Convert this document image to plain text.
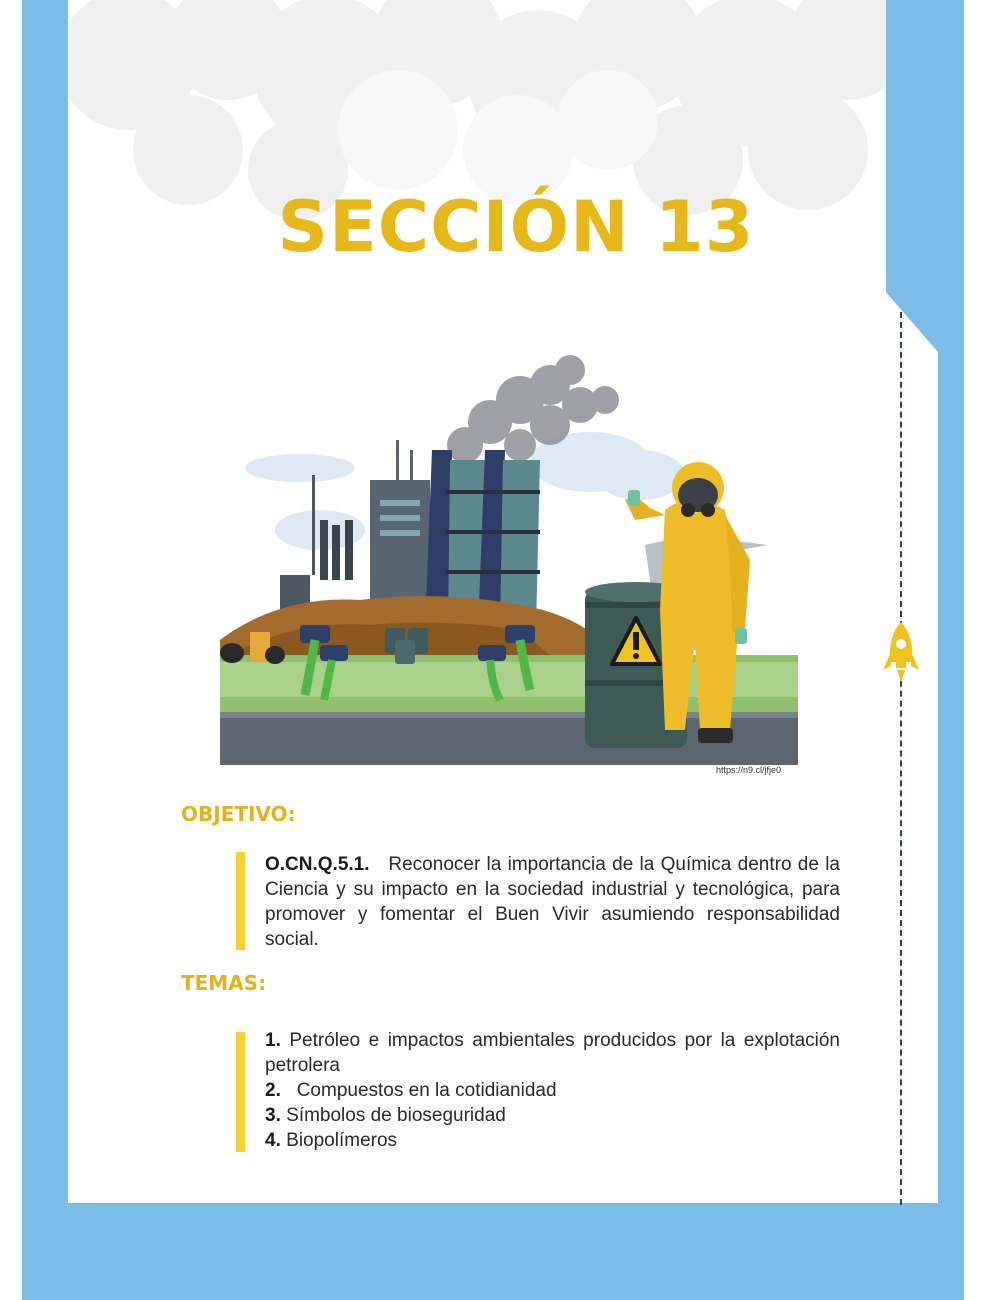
SECCIÓN 13
https://n9.cl/jfje0
OBJETIVO:

O.CN.Q.5.1. Reconocer la importancia de la Química dentro de la Ciencia y su impacto en la sociedad industrial y tecnológica, para promover y fomentar el Buen Vivir asumiendo responsabilidad social.

TEMAS:
1. Petróleo e impactos ambientales producidos por la explotación petrolera
2. Compuestos en la cotidianidad
3. Símbolos de bioseguridad
4. Biopolímeros
